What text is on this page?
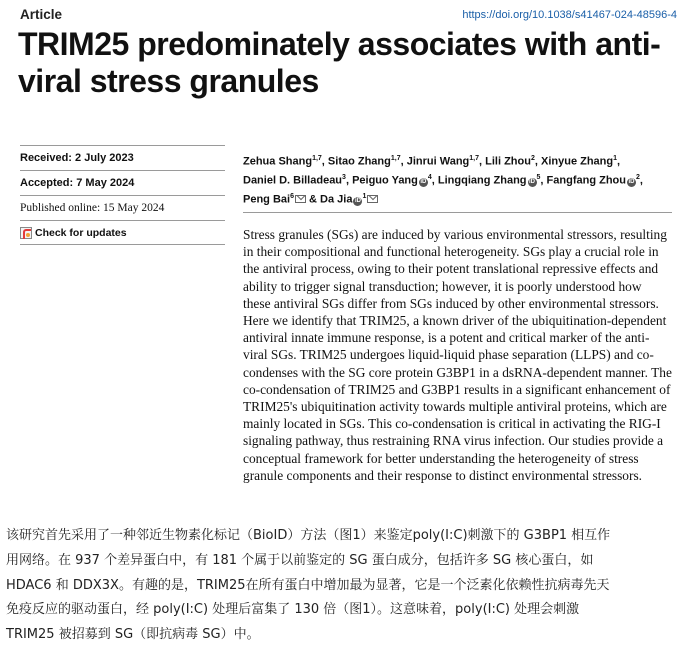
Article	https://doi.org/10.1038/s41467-024-48596-4
TRIM25 predominately associates with anti-
viral stress granules
Received: 2 July 2023
Accepted: 7 May 2024
Published online: 15 May 2024
Check for updates
Zehua Shang$^{1,7}$, Sitao Zhang$^{1,7}$, Jinrui Wang$^{1,7}$, Lili Zhou$^2$, Xinyue Zhang$^1$,
Daniel D. Billadeau$^3$, Peiguo Yang $iD^4$, Lingqiang Zhang $iD^5$, Fangfang Zhou $iD^2$,
Peng Bai$^6$ & Da Jia $iD^1$
Stress granules (SGs) are induced by various environmental stressors, resulting
in their compositional and functional heterogeneity. SGs play a crucial role in
the antiviral process, owing to their potent translational repressive effects and
ability to trigger signal transduction; however, it is poorly understood how
these antiviral SGs differ from SGs induced by other environmental stressors.
Here we identify that TRIM25, a known driver of the ubiquitination-dependent
antiviral innate immune response, is a potent and critical marker of the anti-
viral SGs. TRIM25 undergoes liquid-liquid phase separation (LLPS) and co-
condenses with the SG core protein G3BP1 in a dsRNA-dependent manner. The
co-condensation of TRIM25 and G3BP1 results in a significant enhancement of
TRIM25's ubiquitination activity towards multiple antiviral proteins, which are
mainly located in SGs. This co-condensation is critical in activating the RIG-I
signaling pathway, thus restraining RNA virus infection. Our studies provide a
conceptual framework for better understanding the heterogeneity of stress
granule components and their response to distinct environmental stressors.
该研究首先采用了一种邻近生物素化标记（BioID）方法（图1）来鉴定poly(I:C)刺激下的 G3BP1 相互作
用网络。在 937 个差异蛋白中，有 181 个属于以前鉴定的 SG 蛋白成分，包括许多 SG 核心蛋白，如
HDAC6 和 DDX3X。有趣的是，TRIM25在所有蛋白中增加最为显著，它是一个泛素化依赖性抗病毒先天
免疫反应的驱动蛋白，经 poly(I:C) 处理后富集了 130 倍（图1）。这意味着，poly(I:C) 处理会刺激
TRIM25 被招募到 SG（即抗病毒 SG）中。
